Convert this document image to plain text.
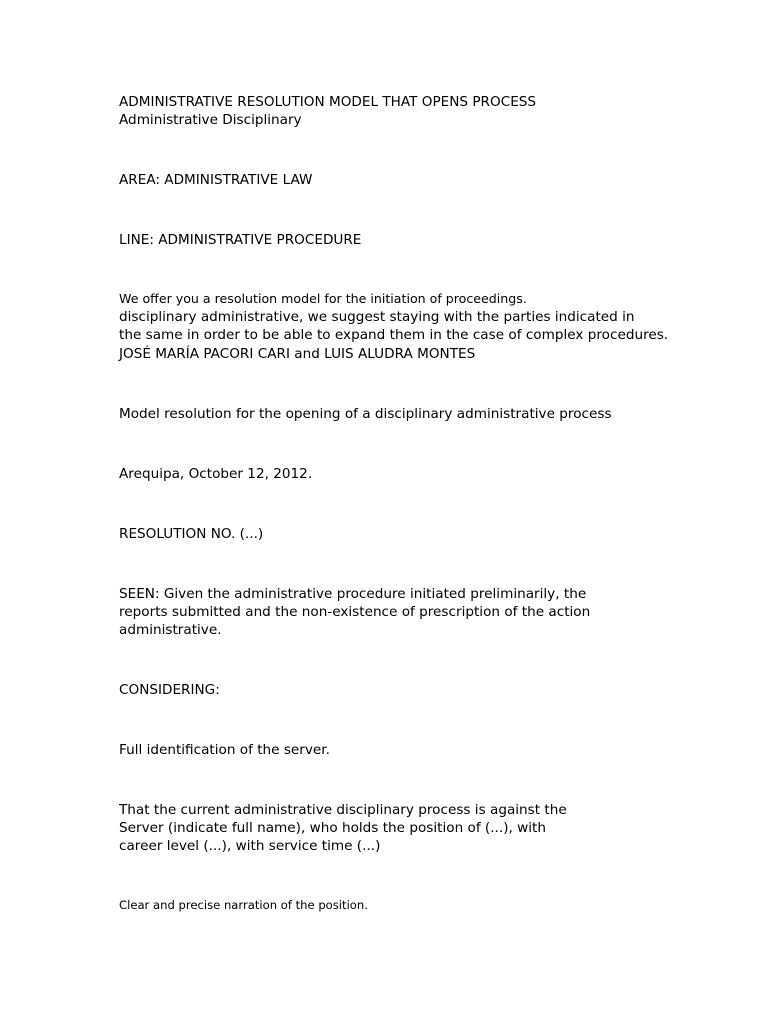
ADMINISTRATIVE RESOLUTION MODEL THAT OPENS PROCESS
Administrative Disciplinary
AREA: ADMINISTRATIVE LAW
LINE: ADMINISTRATIVE PROCEDURE
We offer you a resolution model for the initiation of proceedings.
disciplinary administrative, we suggest staying with the parties indicated in
the same in order to be able to expand them in the case of complex procedures.
JOSÉ MARÍA PACORI CARI and LUIS ALUDRA MONTES
Model resolution for the opening of a disciplinary administrative process
Arequipa, October 12, 2012.
RESOLUTION NO. (...)
SEEN: Given the administrative procedure initiated preliminarily, the
reports submitted and the non-existence of prescription of the action
administrative.
CONSIDERING:
Full identification of the server.
That the current administrative disciplinary process is against the
Server (indicate full name), who holds the position of (...), with
career level (...), with service time (...)
Clear and precise narration of the position.
